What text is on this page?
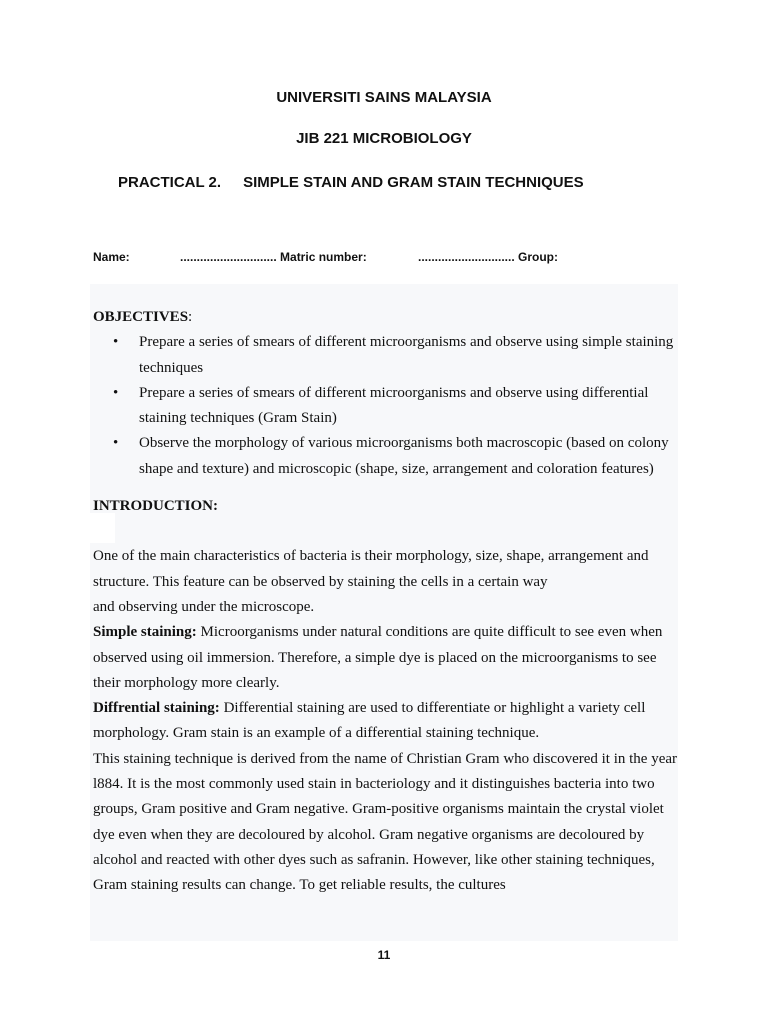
UNIVERSITI SAINS MALAYSIA
JIB 221 MICROBIOLOGY
PRACTICAL 2. SIMPLE STAIN AND GRAM STAIN TECHNIQUES
Name:	............................. Matric number:	............................. Group:

OBJECTIVES:

• Prepare a series of smears of different microorganisms and observe using simple staining techniques
• Prepare a series of smears of different microorganisms and observe using differential staining techniques (Gram Stain)
• Observe the morphology of various microorganisms both macroscopic (based on colony shape and texture) and microscopic (shape, size, arrangement and coloration features)

INTRODUCTION:

One of the main characteristics of bacteria is their morphology, size, shape, arrangement and structure. This feature can be observed by staining the cells in a certain way

and observing under the microscope.

Simple staining: Microorganisms under natural conditions are quite difficult to see even when observed using oil immersion. Therefore, a simple dye is placed on the microorganisms to see their morphology more clearly.

Diffrential staining: Differential staining are used to differentiate or highlight a variety cell morphology. Gram stain is an example of a differential staining technique.

This staining technique is derived from the name of Christian Gram who discovered it in the year l884. It is the most commonly used stain in bacteriology and it distinguishes bacteria into two groups, Gram positive and Gram negative. Gram-positive organisms maintain the crystal violet dye even when they are decoloured by alcohol. Gram negative organisms are decoloured by alcohol and reacted with other dyes such as safranin. However, like other staining techniques, Gram staining results can change. To get reliable results, the cultures

11
